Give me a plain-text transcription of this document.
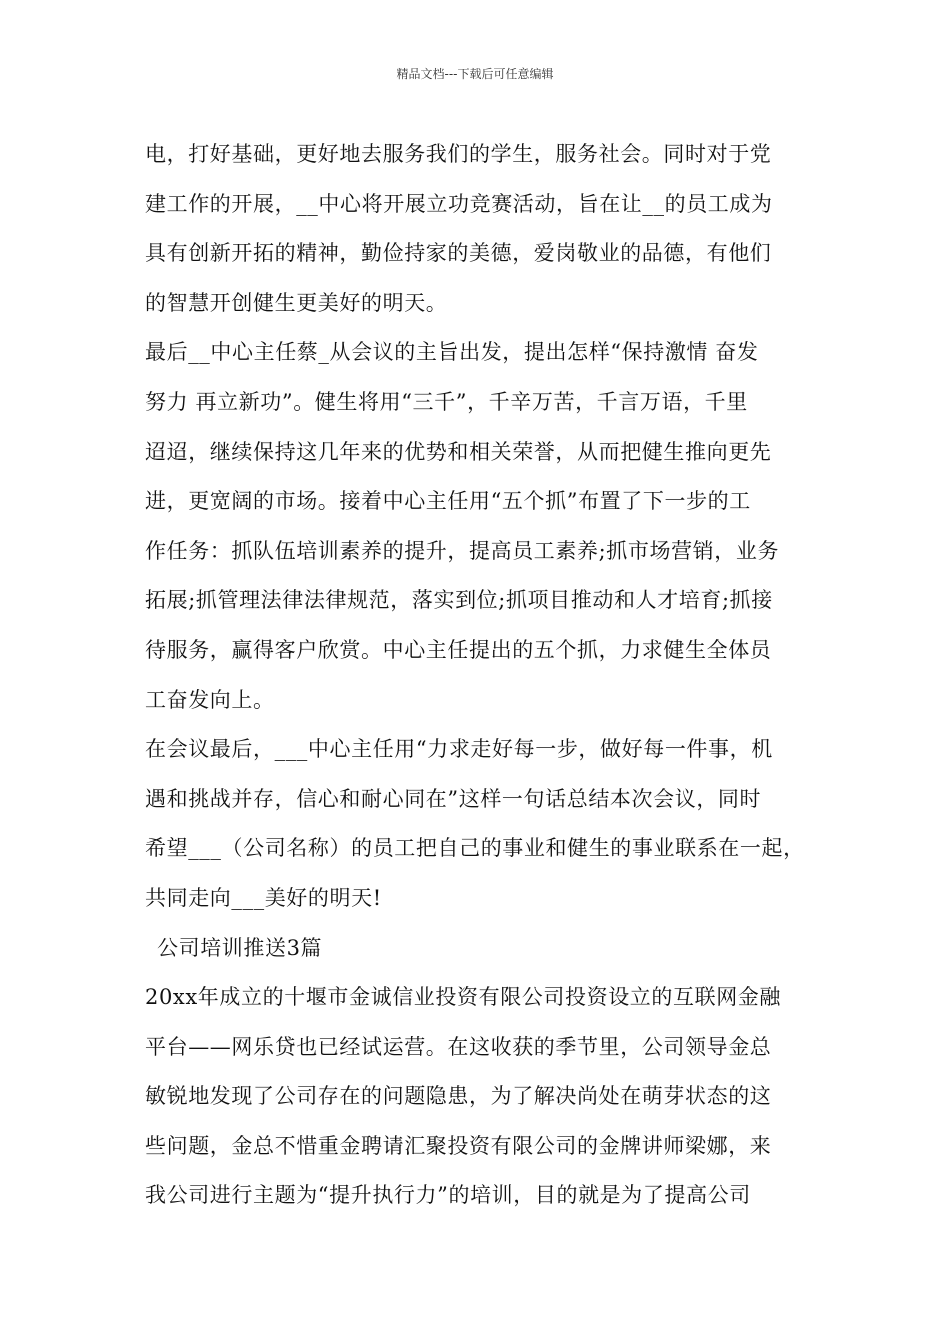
精品文档---下载后可任意编辑
电，打好基础，更好地去服务我们的学生，服务社会。同时对于党
建工作的开展，__中心将开展立功竞赛活动，旨在让__的员工成为
具有创新开拓的精神，勤俭持家的美德，爱岗敬业的品德，有他们
的智慧开创健生更美好的明天。
最后__中心主任蔡_从会议的主旨出发，提出怎样“保持激情 奋发
努力 再立新功”。健生将用“三千”，千辛万苦，千言万语，千里
迢迢，继续保持这几年来的优势和相关荣誉，从而把健生推向更先
进，更宽阔的市场。接着中心主任用“五个抓”布置了下一步的工
作任务：抓队伍培训素养的提升，提高员工素养;抓市场营销，业务
拓展;抓管理法律法律规范，落实到位;抓项目推动和人才培育;抓接
待服务，赢得客户欣赏。中心主任提出的五个抓，力求健生全体员
工奋发向上。
在会议最后，___中心主任用“力求走好每一步，做好每一件事，机
遇和挑战并存，信心和耐心同在”这样一句话总结本次会议，同时
希望___（公司名称）的员工把自己的事业和健生的事业联系在一起，
共同走向___美好的明天!
公司培训推送3篇
20xx年成立的十堰市金诚信业投资有限公司投资设立的互联网金融
平台——网乐贷也已经试运营。在这收获的季节里，公司领导金总
敏锐地发现了公司存在的问题隐患，为了解决尚处在萌芽状态的这
些问题，金总不惜重金聘请汇聚投资有限公司的金牌讲师梁娜，来
我公司进行主题为“提升执行力”的培训，目的就是为了提高公司
